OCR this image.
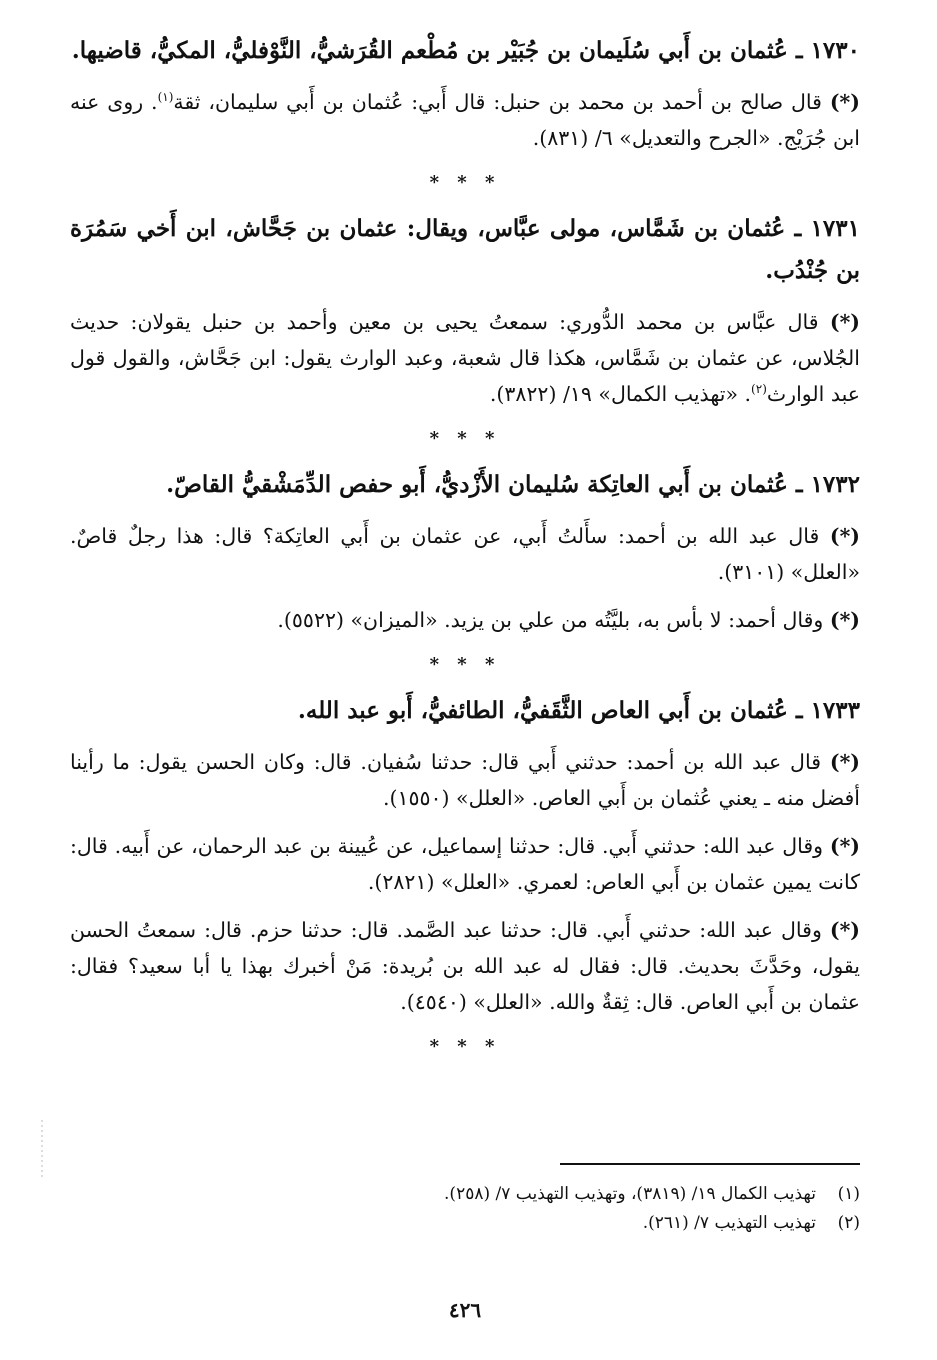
١٧٣٠ ـ عُثمان بن أَبي سُلَيمان بن جُبَيْر بن مُطْعم القُرَشيُّ، النَّوْفليُّ، المكيُّ، قاضيها.

(*) قال صالح بن أحمد بن محمد بن حنبل: قال أَبي: عُثمان بن أَبي سليمان، ثقة$^{(١)}$. روى عنه ابن جُرَيْج. «الجرح والتعديل» ٦/ (٨٣١).

* * *

١٧٣١ ـ عُثمان بن شَمَّاس، مولى عبَّاس، ويقال: عثمان بن جَحَّاش، ابن أَخي سَمُرَة بن جُنْدُب.

(*) قال عبَّاس بن محمد الدُّوري: سمعتُ يحيى بن معين وأحمد بن حنبل يقولان: حديث الجُلاس، عن عثمان بن شَمَّاس، هكذا قال شعبة، وعبد الوارث يقول: ابن جَحَّاش، والقول قول عبد الوارث$^{(٢)}$. «تهذيب الكمال» ١٩/ (٣٨٢٢).

* * *

١٧٣٢ ـ عُثمان بن أَبي العاتِكة سُليمان الأَزْديُّ، أَبو حفص الدِّمَشْقيُّ القاصّ.

(*) قال عبد الله بن أحمد: سأَلتُ أَبي، عن عثمان بن أَبي العاتِكة؟ قال: هذا رجلٌ قاصٌ. «العلل» (٣١٠١).

(*) وقال أحمد: لا بأس به، بليَّتُه من علي بن يزيد. «الميزان» (٥٥٢٢).

* * *

١٧٣٣ ـ عُثمان بن أَبي العاص الثَّقَفيُّ، الطائفيُّ، أَبو عبد الله.

(*) قال عبد الله بن أحمد: حدثني أَبي قال: حدثنا سُفيان. قال: وكان الحسن يقول: ما رأينا أفضل منه ـ يعني عُثمان بن أَبي العاص. «العلل» (١٥٥٠).

(*) وقال عبد الله: حدثني أَبي. قال: حدثنا إسماعيل، عن عُيينة بن عبد الرحمان، عن أَبيه. قال: كانت يمين عثمان بن أَبي العاص: لعمري. «العلل» (٢٨٢١).

(*) وقال عبد الله: حدثني أَبي. قال: حدثنا عبد الصَّمد. قال: حدثنا حزم. قال: سمعتُ الحسن يقول، وحَدَّثَ بحديث. قال: فقال له عبد الله بن بُريدة: مَنْ أخبرك بهذا يا أبا سعيد؟ فقال: عثمان بن أَبي العاص. قال: ثِقةٌ والله. «العلل» (٤٥٤٠).

* * *
(١)
تهذيب الكمال ١٩/ (٣٨١٩)، وتهذيب التهذيب ٧/ (٢٥٨).
(٢)
تهذيب التهذيب ٧/ (٢٦١).
٤٢٦
